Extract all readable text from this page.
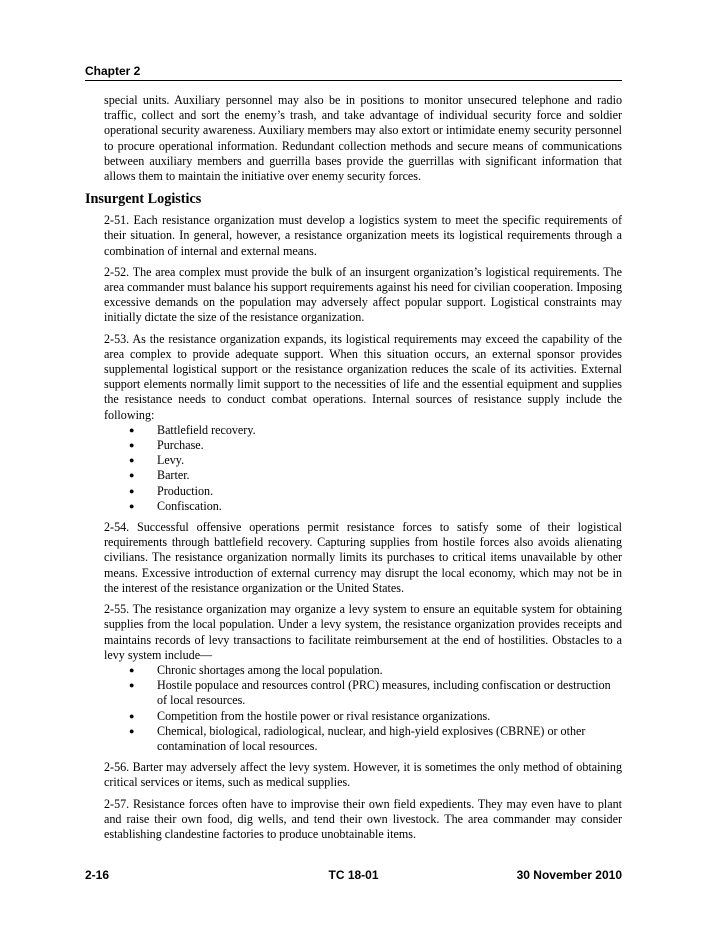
Chapter 2

special units. Auxiliary personnel may also be in positions to monitor unsecured telephone and radio traffic, collect and sort the enemy’s trash, and take advantage of individual security force and soldier operational security awareness. Auxiliary members may also extort or intimidate enemy security personnel to procure operational information. Redundant collection methods and secure means of communications between auxiliary members and guerrilla bases provide the guerrillas with significant information that allows them to maintain the initiative over enemy security forces.

Insurgent Logistics

2-51. Each resistance organization must develop a logistics system to meet the specific requirements of their situation. In general, however, a resistance organization meets its logistical requirements through a combination of internal and external means.

2-52. The area complex must provide the bulk of an insurgent organization’s logistical requirements. The area commander must balance his support requirements against his need for civilian cooperation. Imposing excessive demands on the population may adversely affect popular support. Logistical constraints may initially dictate the size of the resistance organization.

2-53. As the resistance organization expands, its logistical requirements may exceed the capability of the area complex to provide adequate support. When this situation occurs, an external sponsor provides supplemental logistical support or the resistance organization reduces the scale of its activities. External support elements normally limit support to the necessities of life and the essential equipment and supplies the resistance needs to conduct combat operations. Internal sources of resistance supply include the following:

● Battlefield recovery.
● Purchase.
● Levy.
● Barter.
● Production.
● Confiscation.

2-54. Successful offensive operations permit resistance forces to satisfy some of their logistical requirements through battlefield recovery. Capturing supplies from hostile forces also avoids alienating civilians. The resistance organization normally limits its purchases to critical items unavailable by other means. Excessive introduction of external currency may disrupt the local economy, which may not be in the interest of the resistance organization or the United States.

2-55. The resistance organization may organize a levy system to ensure an equitable system for obtaining supplies from the local population. Under a levy system, the resistance organization provides receipts and maintains records of levy transactions to facilitate reimbursement at the end of hostilities. Obstacles to a levy system include—

● Chronic shortages among the local population.
● Hostile populace and resources control (PRC) measures, including confiscation or destruction of local resources.
● Competition from the hostile power or rival resistance organizations.
● Chemical, biological, radiological, nuclear, and high-yield explosives (CBRNE) or other contamination of local resources.

2-56. Barter may adversely affect the levy system. However, it is sometimes the only method of obtaining critical services or items, such as medical supplies.

2-57. Resistance forces often have to improvise their own field expedients. They may even have to plant and raise their own food, dig wells, and tend their own livestock. The area commander may consider establishing clandestine factories to produce unobtainable items.

2-16	TC 18-01	30 November 2010
